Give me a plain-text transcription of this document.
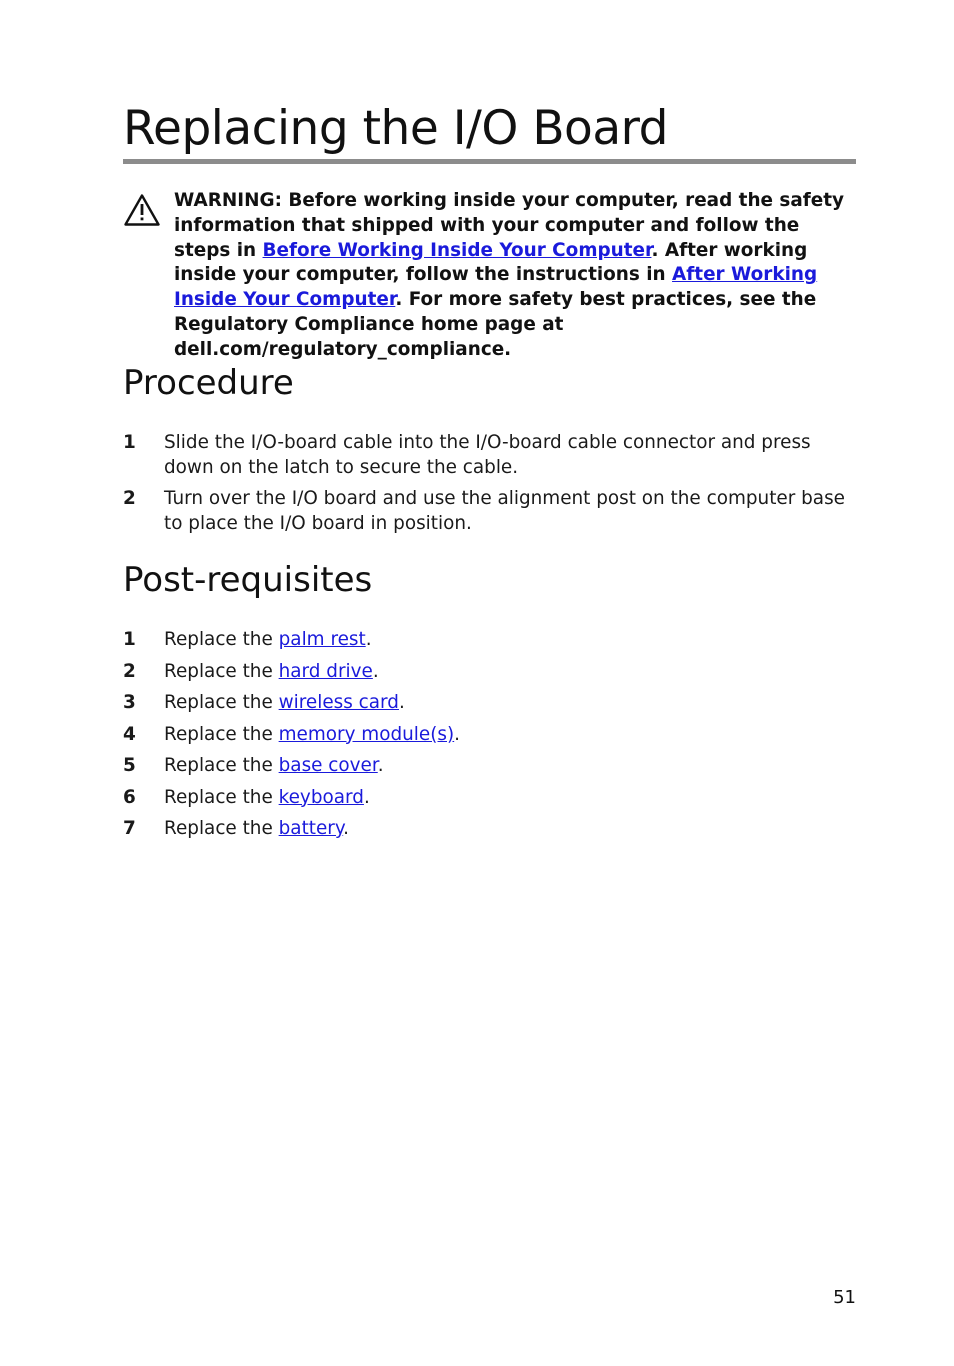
Replacing the I/O Board
WARNING: Before working inside your computer, read the safety information that shipped with your computer and follow the steps in Before Working Inside Your Computer. After working inside your computer, follow the instructions in After Working Inside Your Computer. For more safety best practices, see the Regulatory Compliance home page at dell.com/regulatory_compliance.
Procedure
1 Slide the I/O-board cable into the I/O-board cable connector and press down on the latch to secure the cable.
2 Turn over the I/O board and use the alignment post on the computer base to place the I/O board in position.
Post-requisites
1 Replace the palm rest.
2 Replace the hard drive.
3 Replace the wireless card.
4 Replace the memory module(s).
5 Replace the base cover.
6 Replace the keyboard.
7 Replace the battery.
51
